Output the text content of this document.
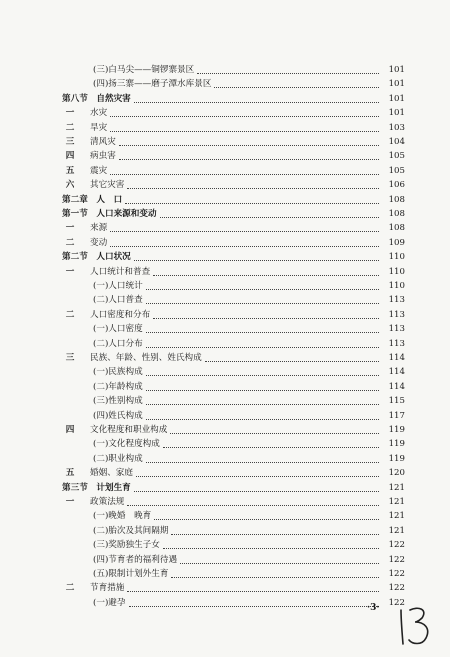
(三)白马尖——铜锣寨景区	101
(四)扬三寨——磨子潭水库景区	101
第八节　自然灾害	101
一	水灾	101
二	旱灾	103
三	清风灾	104
四	病虫害	105
五	震灾	105
六	其它灾害	106
第二章　人　口	108
第一节　人口来源和变动	108
一	来源	108
二	变动	109
第二节　人口状况	110
一	人口统计和普查	110
(一)人口统计	110
(二)人口普查	113
二	人口密度和分布	113
(一)人口密度	113
(二)人口分布	113
三	民族、年龄、性别、姓氏构成	114
(一)民族构成	114
(二)年龄构成	114
(三)性别构成	115
(四)姓氏构成	117
四	文化程度和职业构成	119
(一)文化程度构成	119
(二)职业构成	119
五	婚姻、家庭	120
第三节　计划生育	121
一	政策法规	121
(一)晚婚　晚育	121
(二)胎次及其间隔期	121
(三)奖励独生子女	122
(四)节育者的福利待遇	122
(五)限制计划外生育	122
二	节育措施	122
(一)避孕	122
·3·
